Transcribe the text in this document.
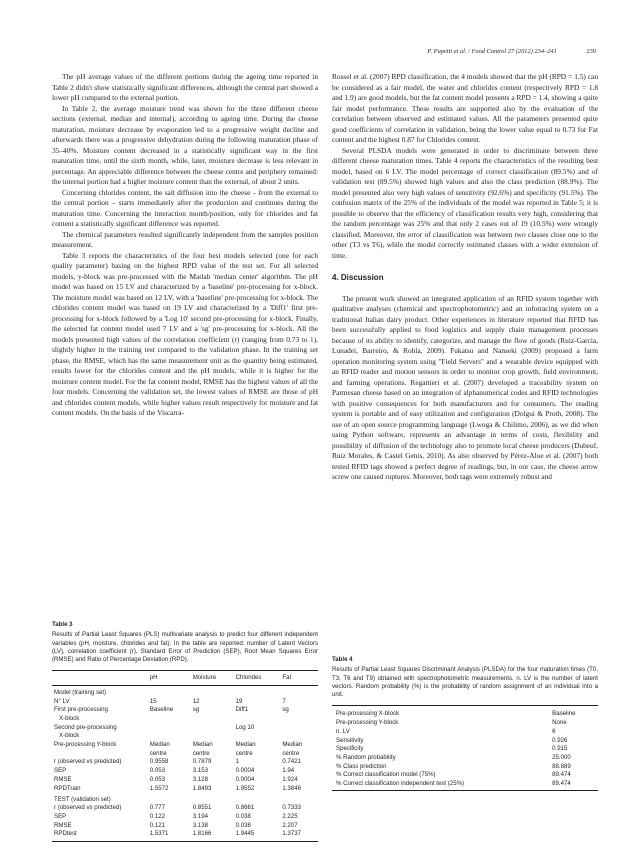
P. Papetti et al. / Food Control 27 (2012) 234–241	239

The pH average values of the different portions during the ageing time reported in Table 2 didn't show statistically significant differences, although the central part showed a lower pH compared to the external portion.

In Table 2, the average moisture trend was shown for the three different cheese sections (external, median and internal), according to ageing time. During the cheese maturation, moisture decrease by evaporation led to a progressive weight decline and afterwards there was a progressive dehydration during the following maturation phase of 35–40%. Moisture content decreased in a statistically significant way in the first maturation time, until the sixth month, while, later, moisture decrease is less relevant in percentage. An appreciable difference between the cheese centre and periphery remained: the internal portion had a higher moisture content than the external, of about 2 units.

Concerning chlorides content, the salt diffusion into the cheese – from the external to the central portion – starts immediately after the production and continues during the maturation time. Concerning the interaction month/position, only for chlorides and fat content a statistically significant difference was reported.

The chemical parameters resulted significantly independent from the samples position measurement.

Table 3 reports the characteristics of the four best models selected (one for each quality parameter) basing on the highest RPD value of the test set. For all selected models, y-block was pre-processed with the Matlab 'median center' algorithm. The pH model was based on 15 LV and characterized by a 'baseline' pre-processing for x-block. The moisture model was based on 12 LV, with a 'baseline' pre-processing for x-block. The chlorides content model was based on 19 LV and characterized by a 'Diff1' first pre-processing for x-block followed by a 'Log 10' second pre-processing for x-block. Finally, the selected fat content model used 7 LV and a 'sg' pre-processing for x-block. All the models presented high values of the correlation coefficient (r) (ranging from 0.73 to 1), slightly higher in the training test compared to the validation phase. In the training set phase, the RMSE, which has the same measurement unit as the quantity being estimated, results lower for the chlorides content and the pH models, while it is higher for the moisture content model. For the fat content model, RMSE has the highest values of all the four models. Concerning the validation set, the lowest values of RMSE are those of pH and chlorides content models, while higher values result respectively for moisture and fat content models. On the basis of the Viscarra-

Rossel et al. (2007) RPD classification, the 4 models showed that the pH (RPD = 1.5) can be considered as a fair model, the water and chlorides content (respectively RPD = 1.8 and 1.9) are good models, but the fat content model presents a RPD = 1.4, showing a quite fair model performance. These results are supported also by the evaluation of the correlation between observed and estimated values. All the parameters presented quite good coefficients of correlation in validation, being the lower value equal to 0.73 for Fat content and the highest 0.87 for Chlorides content.

Several PLSDA models were generated in order to discriminate between three different cheese maturation times. Table 4 reports the characteristics of the resulting best model, based on 6 LV. The model percentage of correct classification (89.5%) and of validation test (89.5%) showed high values and also the class prediction (88.9%). The model presented also very high values of sensitivity (92.6%) and specificity (91.5%). The confusion matrix of the 25% of the individuals of the model was reported in Table 5; it is possible to observe that the efficiency of classification results very high, considering that the random percentage was 25% and that only 2 cases out of 19 (10.5%) were wrongly classified. Moreover, the error of classification was between two classes close one to the other (T3 vs T6), while the model correctly estimated classes with a wider extension of time.

4. Discussion

The present work showed an integrated application of an RFID system together with qualitative analyses (chemical and spectrophotometric) and an infotracing system on a traditional Italian dairy product. Other experiences in literature reported that RFID has been successfully applied to food logistics and supply chain management processes because of its ability to identify, categorize, and manage the flow of goods (Ruiz-Garcia, Lunadei, Barreiro, & Robla, 2009). Fukatsu and Nanseki (2009) proposed a farm operation monitoring system using "Field Servers" and a wearable device equipped with an RFID reader and motion sensors in order to monitor crop growth, field environment, and farming operations. Regattieri et al. (2007) developed a traceability system on Parmesan cheese based on an integration of alphanumerical codes and RFID technologies with positive consequences for both manufacturers and for consumers. The reading system is portable and of easy utilization and configuration (Dolgui & Proth, 2008). The use of an open source programming language (Lwoga & Chilimo, 2006), as we did when using Python software, represents an advantage in terms of costs, flexibility and possibility of diffusion of the technology also to promote local cheese producers (Dubeuf, Ruiz Morales, & Castel Genis, 2010). As also observed by Pérez-Aloe et al. (2007) both tested RFID tags showed a perfect degree of readings, but, in our case, the cheese arrow screw one caused ruptures. Moreover, both tags were extremely robust and

Table 3
Results of Partial Least Squares (PLS) multivariate analysis to predict four different independent variables (pH, moisture, chlorides and fat). In the table are reported: number of Latent Vectors (LV), correlation coefficient (r), Standard Error of Prediction (SEP), Root Mean Squares Error (RMSE) and Ratio of Percentage Deviation (RPD).
	pH	Moisture	Chlorides	Fat
Model (training set)				
N° LV	15	12	19	7
First pre-processing	Baseline	sg	Diff1	sg
X-block				
Second pre-processing			Log 10	
X-block				
Pre-processing Y-block	Median	Median	Median	Median
	centre	centre	centre	centre
r (observed vs predicted)	0.9558	0.7879	1	0.7421
SEP	0.053	3.153	0.0004	1.94
RMSE	0.053	3.128	0.0004	1.924
RPDTrain	1.5572	1.8493	1.9552	1.3846
TEST (validation set)				
r (observed vs predicted)	0.777	0.8551	0.8661	0.7333
SEP	0.122	3.194	0.038	2.225
RMSE	0.121	3.138	0.038	2.207
RPDtest	1.5371	1.8166	1.9445	1.3737
Table 4
Results of Partial Least Squares Discriminant Analysis (PLSDA) for the four maturation times (T0, T3, T6 and T9) obtained with spectrophotometric measurements. n. LV is the number of latent vectors. Random probability (%) is the probability of random assignment of an individual into a unit.
Pre-processing X-block	Baseline
Pre-processing Y-block	None
n. LV	6
Sensitivity	0.926
Specificity	0.915
% Random probability	25.000
% Class prediction	88.889
% Correct classification model (75%)	89.474
% Correct classification independent test (25%)	89.474
